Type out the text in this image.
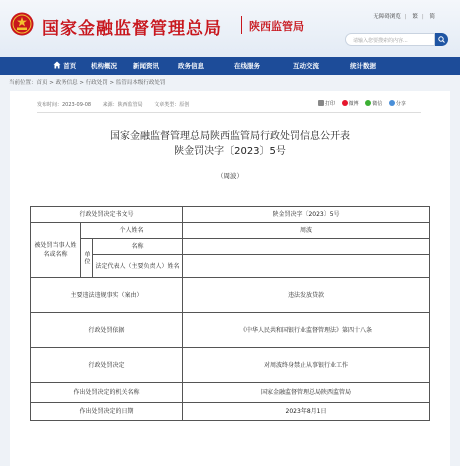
国家金融监督管理总局 陕西监管局
无障碍浏览 | 繁 | 简
请输入您要搜索的内容...
首页 机构概况 新闻资讯	政务信息	在线服务	互动交流	统计数据
当前位置：首页 > 政务信息 > 行政处罚 > 监管局本级行政处罚
发布时间：2023-09-08 来源：陕西监管局 文章类型：原创	打印	微博	微信	分享
国家金融监督管理总局陕西监管局行政处罚信息公开表
陕金罚决字〔2023〕5号
（周波）
行政处罚决定书文号			陕金罚决字〔2023〕5号
被处罚当事人姓名或名称	个人姓名		周波
	单位	名称	
		法定代表人（主要负责人）姓名	
主要违法违规事实（案由）			违法发放贷款
行政处罚依据			《中华人民共和国银行业监督管理法》第四十八条
行政处罚决定			对周波终身禁止从事银行业工作
作出处罚决定的机关名称			国家金融监督管理总局陕西监管局
作出处罚决定的日期			2023年8月1日
